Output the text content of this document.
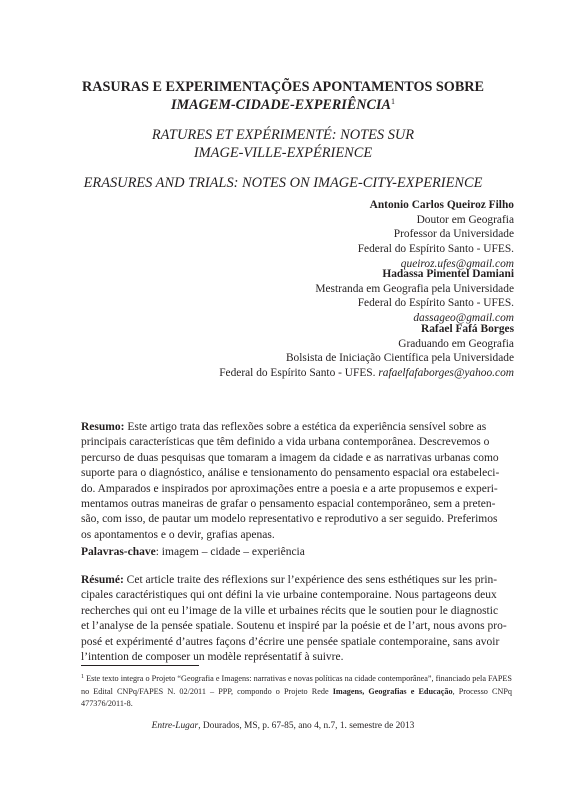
RASURAS E EXPERIMENTAÇÕES APONTAMENTOS SOBRE
IMAGEM-CIDADE-EXPERIÊNCIA$^1$
RATURES ET EXPÉRIMENTÉ: NOTES SUR
IMAGE-VILLE-EXPÉRIENCE
ERASURES AND TRIALS: NOTES ON IMAGE-CITY-EXPERIENCE
Antonio Carlos Queiroz Filho
Doutor em Geografia
Professor da Universidade
Federal do Espírito Santo - UFES.
queiroz.ufes@gmail.com
Hadassa Pimentel Damiani
Mestranda em Geografia pela Universidade
Federal do Espírito Santo - UFES.
dassageo@gmail.com
Rafael Fafá Borges
Graduando em Geografia
Bolsista de Iniciação Científica pela Universidade
Federal do Espírito Santo - UFES. rafaelfafaborges@yahoo.com
Resumo: Este artigo trata das reflexões sobre a estética da experiência sensível sobre as
principais características que têm definido a vida urbana contemporânea. Descrevemos o
percurso de duas pesquisas que tomaram a imagem da cidade e as narrativas urbanas como
suporte para o diagnóstico, análise e tensionamento do pensamento espacial ora estabeleci-
do. Amparados e inspirados por aproximações entre a poesia e a arte propusemos e experi-
mentamos outras maneiras de grafar o pensamento espacial contemporâneo, sem a preten-
são, com isso, de pautar um modelo representativo e reprodutivo a ser seguido. Preferimos
os apontamentos e o devir, grafias apenas.
Palavras-chave: imagem – cidade – experiência
Résumé: Cet article traite des réflexions sur l’expérience des sens esthétiques sur les prin-
cipales caractéristiques qui ont défini la vie urbaine contemporaine. Nous partageons deux
recherches qui ont eu l’image de la ville et urbaines récits que le soutien pour le diagnostic
et l’analyse de la pensée spatiale. Soutenu et inspiré par la poésie et de l’art, nous avons pro-
posé et expérimenté d’autres façons d’écrire une pensée spatiale contemporaine, sans avoir
l’intention de composer un modèle représentatif à suivre.
$^1$ Este texto integra o Projeto “Geografia e Imagens: narrativas e novas políticas na cidade contemporânea”, financiado pela FAPES no Edital CNPq/FAPES N. 02/2011 – PPP, compondo o Projeto Rede Imagens, Geografias e Educação, Processo CNPq 477376/2011-8.
Entre-Lugar, Dourados, MS, p. 67-85, ano 4, n.7, 1. semestre de 2013
